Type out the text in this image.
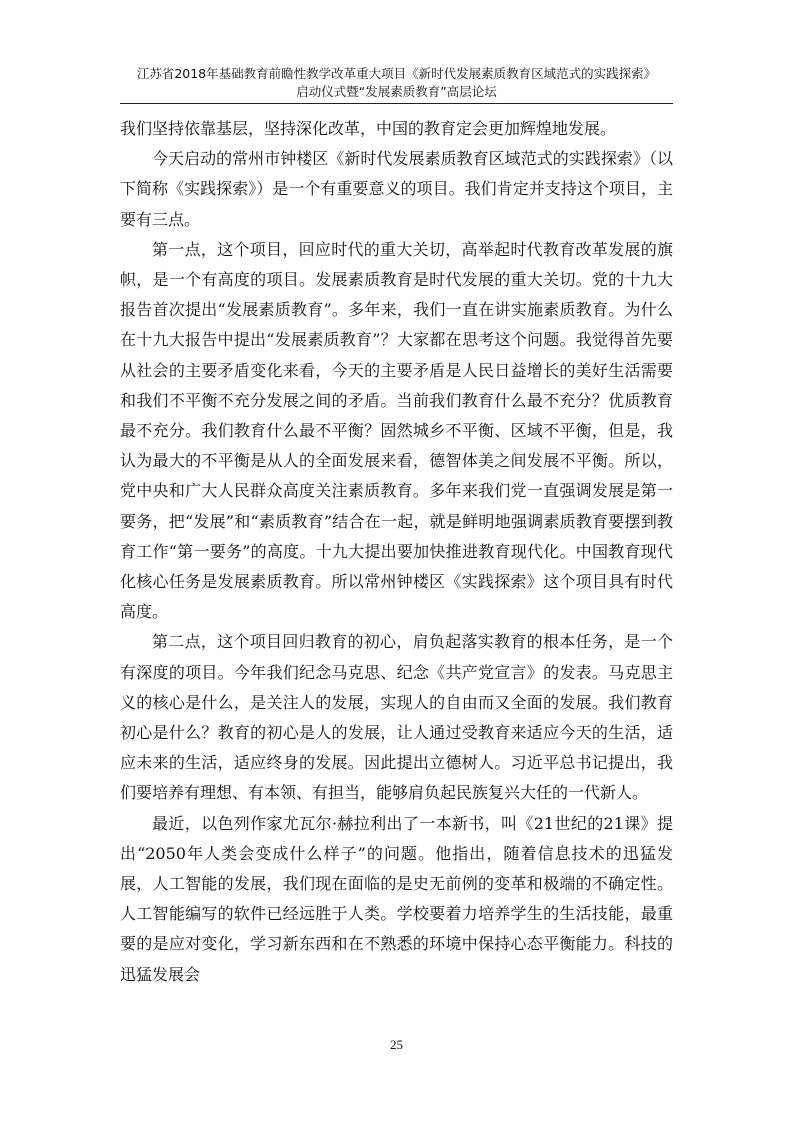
江苏省2018年基础教育前瞻性教学改革重大项目《新时代发展素质教育区域范式的实践探索》
启动仪式暨“发展素质教育”高层论坛

我们坚持依靠基层，坚持深化改革，中国的教育定会更加辉煌地发展。

今天启动的常州市钟楼区《新时代发展素质教育区域范式的实践探索》（以下简称《实践探索》）是一个有重要意义的项目。我们肯定并支持这个项目，主要有三点。

第一点，这个项目，回应时代的重大关切，高举起时代教育改革发展的旗帜，是一个有高度的项目。发展素质教育是时代发展的重大关切。党的十九大报告首次提出“发展素质教育”。多年来，我们一直在讲实施素质教育。为什么在十九大报告中提出“发展素质教育”？大家都在思考这个问题。我觉得首先要从社会的主要矛盾变化来看，今天的主要矛盾是人民日益增长的美好生活需要和我们不平衡不充分发展之间的矛盾。当前我们教育什么最不充分？优质教育最不充分。我们教育什么最不平衡？固然城乡不平衡、区域不平衡，但是，我认为最大的不平衡是从人的全面发展来看，德智体美之间发展不平衡。所以，党中央和广大人民群众高度关注素质教育。多年来我们党一直强调发展是第一要务，把“发展”和“素质教育”结合在一起，就是鲜明地强调素质教育要摆到教育工作“第一要务”的高度。十九大提出要加快推进教育现代化。中国教育现代化核心任务是发展素质教育。所以常州钟楼区《实践探索》这个项目具有时代高度。

第二点，这个项目回归教育的初心，肩负起落实教育的根本任务，是一个有深度的项目。今年我们纪念马克思、纪念《共产党宣言》的发表。马克思主义的核心是什么，是关注人的发展，实现人的自由而又全面的发展。我们教育初心是什么？教育的初心是人的发展，让人通过受教育来适应今天的生活，适应未来的生活，适应终身的发展。因此提出立德树人。习近平总书记提出，我们要培养有理想、有本领、有担当，能够肩负起民族复兴大任的一代新人。

最近，以色列作家尤瓦尔·赫拉利出了一本新书，叫《21世纪的21课》提出“2050年人类会变成什么样子”的问题。他指出，随着信息技术的迅猛发展，人工智能的发展，我们现在面临的是史无前例的变革和极端的不确定性。人工智能编写的软件已经远胜于人类。学校要着力培养学生的生活技能，最重要的是应对变化，学习新东西和在不熟悉的环境中保持心态平衡能力。科技的迅猛发展会

25
